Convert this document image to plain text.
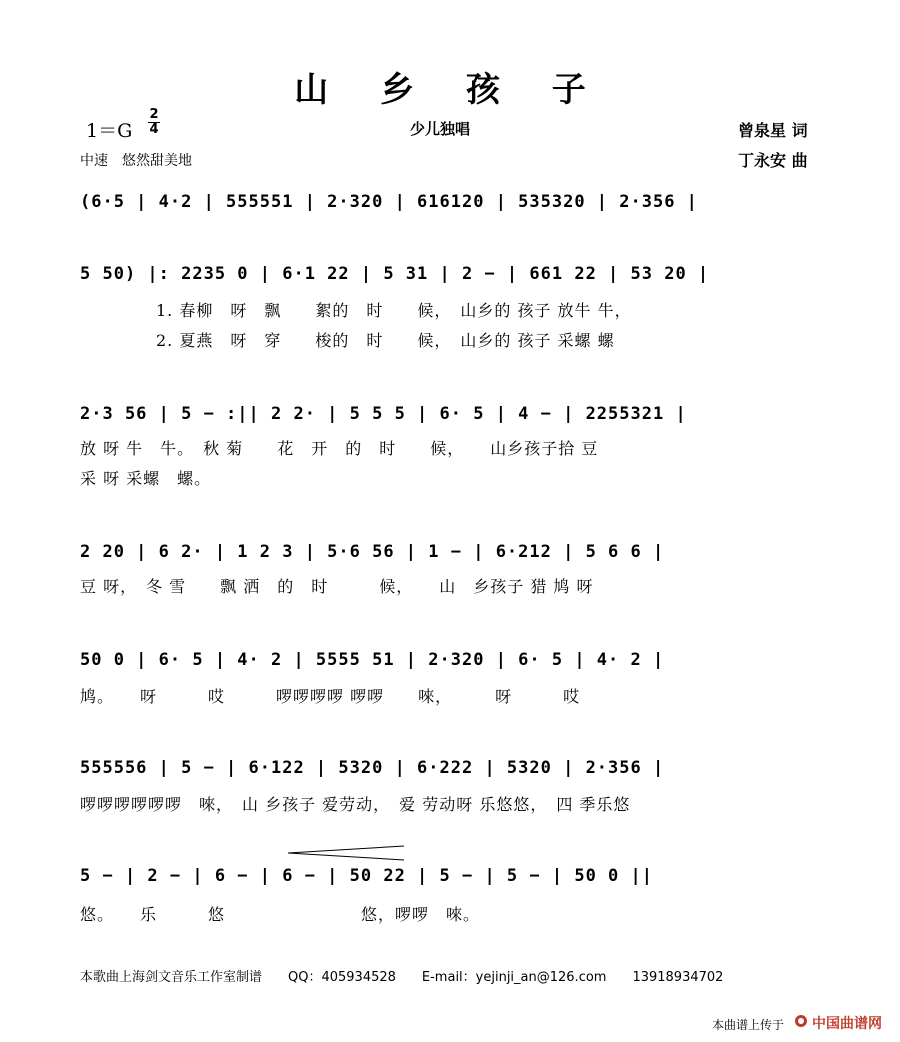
山 乡 孩 子
1＝G
2
4	少儿独唱
中速　悠然甜美地
曾泉星 词
丁永安 曲
(6·5 | 4·2 | 555551 | 2·320 | 616120 | 535320 | 2·356 |
5 50) |: 2235 0 | 6·1 22 | 5 31 | 2 − | 661 22 | 53 20 |
1. 春柳　呀　飘　　絮的　时　　候，　山乡的 孩子 放牛 牛，
2. 夏燕　呀　穿　　梭的　时　　候，　山乡的 孩子 采螺 螺
2·3 56 | 5 − :|| 2 2· | 5 5 5 | 6· 5 | 4 − | 2255321 |
放 呀 牛　牛。　秋 菊　　花　开　的　时　　候，　　山乡孩子拾 豆
采 呀 采螺　螺。
2 20 | 6 2· | 1 2 3 | 5·6 56 | 1 − | 6·212 | 5 6 6 |
豆 呀，　冬 雪　　飘 洒　的　时　　　候，　　山　乡孩子 猎 鸠 呀
50 0 | 6· 5 | 4· 2 | 5555 51 | 2·320 | 6· 5 | 4· 2 |
鸠。　　呀　　　哎　　　啰啰啰啰 啰啰　　唻，　　　呀　　　哎
555556 | 5 − | 6·122 | 5320 | 6·222 | 5320 | 2·356 |
啰啰啰啰啰啰　唻，　山 乡孩子 爱劳动，　爱 劳动呀 乐悠悠，　四 季乐悠
5 − | 2 − | 6 − | 6 − | 50 22 | 5 − | 5 − | 50 0 ||
悠。　　乐　　　悠　　　　　　　　悠，啰啰　唻。
本歌曲上海剑文音乐工作室制谱　　QQ：405934528　　E-mail：yejinji_an@126.com　　13918934702
本曲谱上传于 中国曲谱网
